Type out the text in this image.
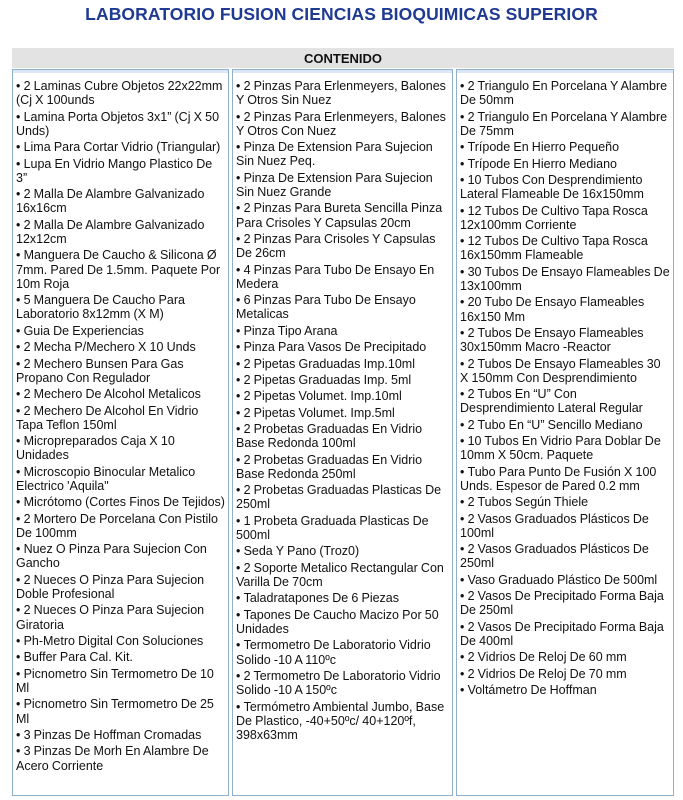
LABORATORIO FUSION CIENCIAS BIOQUIMICAS SUPERIOR
CONTENIDO
• 2 Laminas Cubre Objetos 22x22mm (Cj X 100unds
• Lamina Porta Objetos 3x1” (Cj X 50 Unds)
• Lima Para Cortar Vidrio (Triangular)
• Lupa En Vidrio Mango Plastico De 3”
• 2 Malla De Alambre Galvanizado 16x16cm
• 2 Malla De Alambre Galvanizado 12x12cm
• Manguera De Caucho & Silicona Ø 7mm. Pared De 1.5mm. Paquete Por 10m Roja
• 5 Manguera De Caucho Para Laboratorio 8x12mm (X M)
• Guia De Experiencias
• 2 Mecha P/Mechero X 10 Unds
• 2 Mechero Bunsen Para Gas Propano Con Regulador
• 2 Mechero De Alcohol Metalicos
• 2 Mechero De Alcohol En Vidrio Tapa Teflon 150ml
• Micropreparados Caja X 10 Unidades
• Microscopio Binocular Metalico Electrico 'Aquila"
• Micrótomo (Cortes Finos De Tejidos)
• 2 Mortero De Porcelana Con Pistilo De 100mm
• Nuez O Pinza Para Sujecion Con Gancho
• 2 Nueces O Pinza Para Sujecion Doble Profesional
• 2 Nueces O Pinza Para Sujecion Giratoria
• Ph-Metro Digital Con Soluciones
• Buffer Para Cal. Kit.
• Picnometro Sin Termometro De 10 Ml
• Picnometro Sin Termometro De 25 Ml
• 3 Pinzas De Hoffman Cromadas
• 3 Pinzas De Morh En Alambre De Acero Corriente
• 2 Pinzas Para Erlenmeyers, Balones Y Otros Sin Nuez
• 2 Pinzas Para Erlenmeyers, Balones Y Otros Con Nuez
• Pinza De Extension Para Sujecion Sin Nuez Peq.
• Pinza De Extension Para Sujecion Sin Nuez Grande
• 2 Pinzas Para Bureta Sencilla Pinza Para Crisoles Y Capsulas 20cm
• 2 Pinzas Para Crisoles Y Capsulas De 26cm
• 4 Pinzas Para Tubo De Ensayo En Medera
• 6 Pinzas Para Tubo De Ensayo Metalicas
• Pinza Tipo Arana
• Pinza Para Vasos De Precipitado
• 2 Pipetas Graduadas Imp.10ml
• 2 Pipetas Graduadas Imp. 5ml
• 2 Pipetas Volumet. Imp.10ml
• 2 Pipetas Volumet. Imp.5ml
• 2 Probetas Graduadas En Vidrio Base Redonda 100ml
• 2 Probetas Graduadas En Vidrio Base Redonda 250ml
• 2 Probetas Graduadas Plasticas De 250ml
• 1 Probeta Graduada Plasticas De 500ml
• Seda Y Pano (Troz0)
• 2 Soporte Metalico Rectangular Con Varilla De 70cm
• Taladratapones De 6 Piezas
• Tapones De Caucho Macizo Por 50 Unidades
• Termometro De Laboratorio Vidrio Solido -10 A 110ºc
• 2 Termometro De Laboratorio Vidrio Solido -10 A 150ºc
• Termómetro Ambiental Jumbo, Base De Plastico, -40+50ºc/ 40+120ºf, 398x63mm
• 2 Triangulo En Porcelana Y Alambre De 50mm
• 2 Triangulo En Porcelana Y Alambre De 75mm
• Trípode En Hierro Pequeño
• Trípode En Hierro Mediano
• 10 Tubos Con Desprendimiento Lateral Flameable De 16x150mm
• 12 Tubos De Cultivo Tapa Rosca 12x100mm Corriente
• 12 Tubos De Cultivo Tapa Rosca 16x150mm Flameable
• 30 Tubos De Ensayo Flameables De 13x100mm
• 20 Tubo De Ensayo Flameables 16x150 Mm
• 2 Tubos De Ensayo Flameables 30x150mm Macro -Reactor
• 2 Tubos De Ensayo Flameables 30 X 150mm Con Desprendimiento
• 2 Tubos En “U” Con Desprendimiento Lateral Regular
• 2 Tubo En “U” Sencillo Mediano
• 10 Tubos En Vidrio Para Doblar De 10mm X 50cm. Paquete
• Tubo Para Punto De Fusión X 100 Unds. Espesor de Pared 0.2 mm
• 2 Tubos Según Thiele
• 2 Vasos Graduados Plásticos De 100ml
• 2 Vasos Graduados Plásticos De 250ml
• Vaso Graduado Plástico De 500ml
• 2 Vasos De Precipitado Forma Baja De 250ml
• 2 Vasos De Precipitado Forma Baja De 400ml
• 2 Vidrios De Reloj De 60 mm
• 2 Vidrios De Reloj De 70 mm
• Voltámetro De Hoffman
